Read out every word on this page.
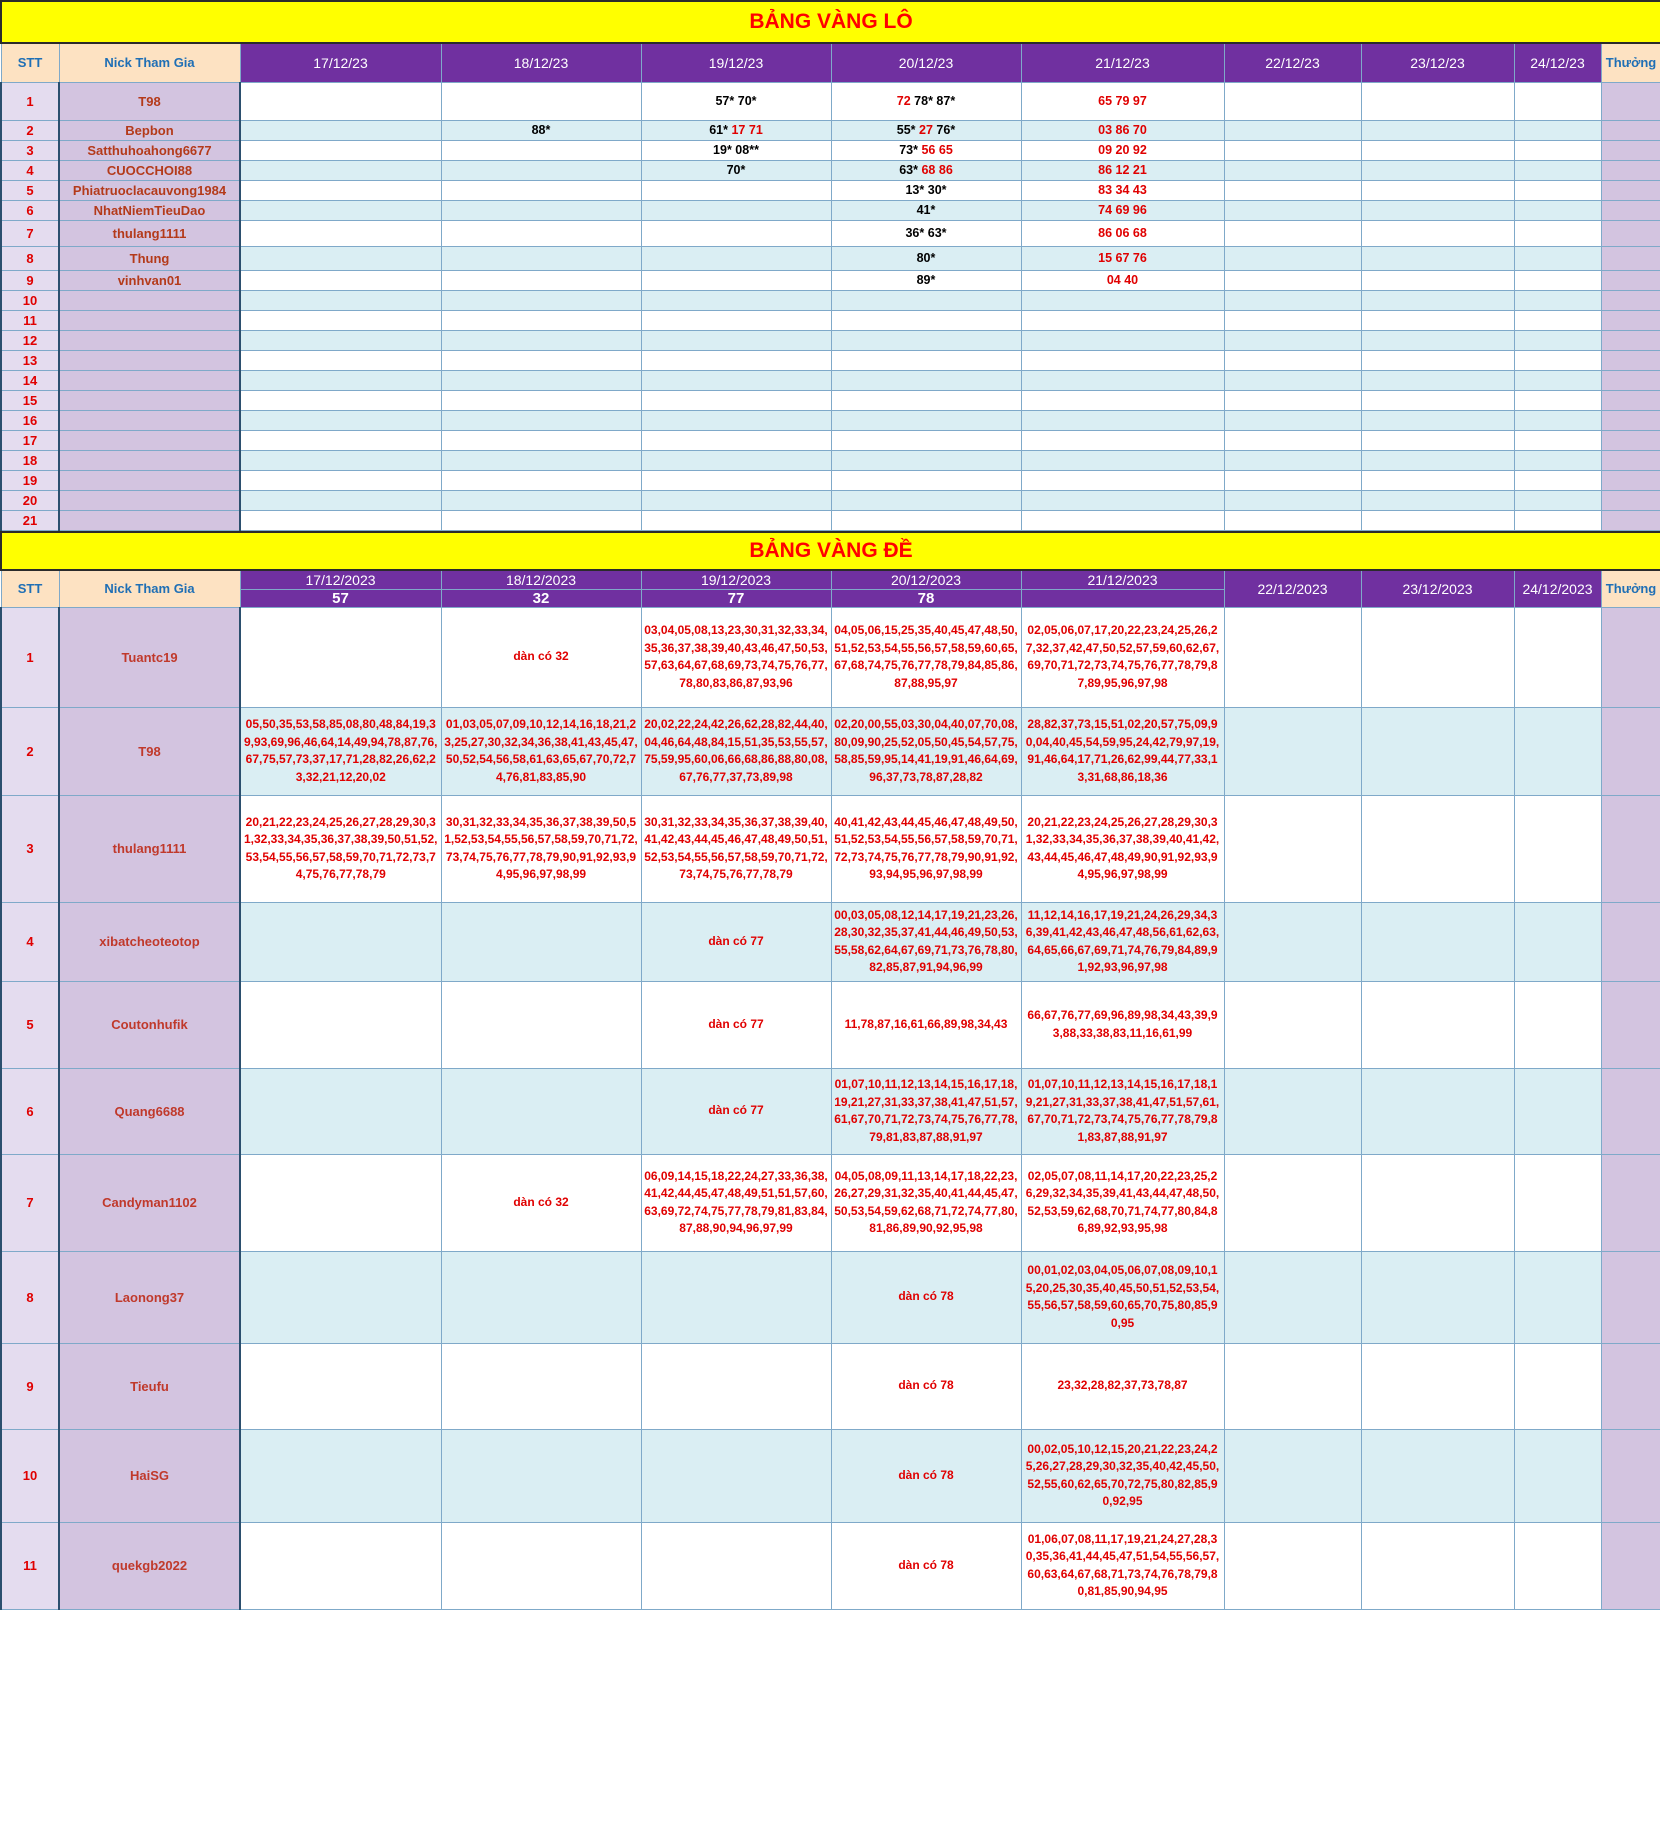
BẢNG VÀNG LÔ										
STT	Nick Tham Gia	17/12/23	18/12/23	19/12/23	20/12/23	21/12/23	22/12/23	23/12/23	24/12/23	Thưởng
1	T98			57* 70*	72 78* 87*	65 79 97				
2	Bepbon		88*	61* 17 71	55* 27 76*	03 86 70				
3	Satthuhoahong6677			19* 08**	73* 56 65	09 20 92				
4	CUOCCHOI88			70*	63* 68 86	86 12 21				
5	Phiatruoclacauvong1984				13* 30*	83 34 43				
6	NhatNiemTieuDao				41*	74 69 96				
7	thulang1111				36* 63*	86 06 68				
8	Thung				80*	15 67 76				
9	vinhvan01				89*	04 40				
10										
11										
12										
13										
14										
15										
16										
17										
18										
19										
20										
21										
BẢNG VÀNG ĐỀ										
STT	Nick Tham Gia	17/12/2023	18/12/2023	19/12/2023	20/12/2023	21/12/2023	22/12/2023	23/12/2023	24/12/2023	Thưởng
		57	32	77	78					
1	Tuantc19		dàn có 32	03,04,05,08,13,23,30,31,32,33,34,35,36,37,38,39,40,43,46,47,50,53,57,63,64,67,68,69,73,74,75,76,77,78,80,83,86,87,93,96	04,05,06,15,25,35,40,45,47,48,50,51,52,53,54,55,56,57,58,59,60,65,67,68,74,75,76,77,78,79,84,85,86,87,88,95,97	02,05,06,07,17,20,22,23,24,25,26,27,32,37,42,47,50,52,57,59,60,62,67,69,70,71,72,73,74,75,76,77,78,79,87,89,95,96,97,98				
2	T98	05,50,35,53,58,85,08,80,48,84,19,39,93,69,96,46,64,14,49,94,78,87,76,67,75,57,73,37,17,71,28,82,26,62,23,32,21,12,20,02	01,03,05,07,09,10,12,14,16,18,21,23,25,27,30,32,34,36,38,41,43,45,47,50,52,54,56,58,61,63,65,67,70,72,74,76,81,83,85,90	20,02,22,24,42,26,62,28,82,44,40,04,46,64,48,84,15,51,35,53,55,57,75,59,95,60,06,66,68,86,88,80,08,67,76,77,37,73,89,98	02,20,00,55,03,30,04,40,07,70,08,80,09,90,25,52,05,50,45,54,57,75,58,85,59,95,14,41,19,91,46,64,69,96,37,73,78,87,28,82	28,82,37,73,15,51,02,20,57,75,09,90,04,40,45,54,59,95,24,42,79,97,19,91,46,64,17,71,26,62,99,44,77,33,13,31,68,86,18,36				
3	thulang1111	20,21,22,23,24,25,26,27,28,29,30,31,32,33,34,35,36,37,38,39,50,51,52,53,54,55,56,57,58,59,70,71,72,73,74,75,76,77,78,79	30,31,32,33,34,35,36,37,38,39,50,51,52,53,54,55,56,57,58,59,70,71,72,73,74,75,76,77,78,79,90,91,92,93,94,95,96,97,98,99	30,31,32,33,34,35,36,37,38,39,40,41,42,43,44,45,46,47,48,49,50,51,52,53,54,55,56,57,58,59,70,71,72,73,74,75,76,77,78,79	40,41,42,43,44,45,46,47,48,49,50,51,52,53,54,55,56,57,58,59,70,71,72,73,74,75,76,77,78,79,90,91,92,93,94,95,96,97,98,99	20,21,22,23,24,25,26,27,28,29,30,31,32,33,34,35,36,37,38,39,40,41,42,43,44,45,46,47,48,49,90,91,92,93,94,95,96,97,98,99				
4	xibatcheoteotop			dàn có 77	00,03,05,08,12,14,17,19,21,23,26,28,30,32,35,37,41,44,46,49,50,53,55,58,62,64,67,69,71,73,76,78,80,82,85,87,91,94,96,99	11,12,14,16,17,19,21,24,26,29,34,36,39,41,42,43,46,47,48,56,61,62,63,64,65,66,67,69,71,74,76,79,84,89,91,92,93,96,97,98				
5	Coutonhufik			dàn có 77	11,78,87,16,61,66,89,98,34,43	66,67,76,77,69,96,89,98,34,43,39,93,88,33,38,83,11,16,61,99				
6	Quang6688			dàn có 77	01,07,10,11,12,13,14,15,16,17,18,19,21,27,31,33,37,38,41,47,51,57,61,67,70,71,72,73,74,75,76,77,78,79,81,83,87,88,91,97	01,07,10,11,12,13,14,15,16,17,18,19,21,27,31,33,37,38,41,47,51,57,61,67,70,71,72,73,74,75,76,77,78,79,81,83,87,88,91,97				
7	Candyman1102		dàn có 32	06,09,14,15,18,22,24,27,33,36,38,41,42,44,45,47,48,49,51,51,57,60,63,69,72,74,75,77,78,79,81,83,84,87,88,90,94,96,97,99	04,05,08,09,11,13,14,17,18,22,23,26,27,29,31,32,35,40,41,44,45,47,50,53,54,59,62,68,71,72,74,77,80,81,86,89,90,92,95,98	02,05,07,08,11,14,17,20,22,23,25,26,29,32,34,35,39,41,43,44,47,48,50,52,53,59,62,68,70,71,74,77,80,84,86,89,92,93,95,98				
8	Laonong37				dàn có 78	00,01,02,03,04,05,06,07,08,09,10,15,20,25,30,35,40,45,50,51,52,53,54,55,56,57,58,59,60,65,70,75,80,85,90,95				
9	Tieufu				dàn có 78	23,32,28,82,37,73,78,87				
10	HaiSG				dàn có 78	00,02,05,10,12,15,20,21,22,23,24,25,26,27,28,29,30,32,35,40,42,45,50,52,55,60,62,65,70,72,75,80,82,85,90,92,95				
11	quekgb2022				dàn có 78	01,06,07,08,11,17,19,21,24,27,28,30,35,36,41,44,45,47,51,54,55,56,57,60,63,64,67,68,71,73,74,76,78,79,80,81,85,90,94,95				
